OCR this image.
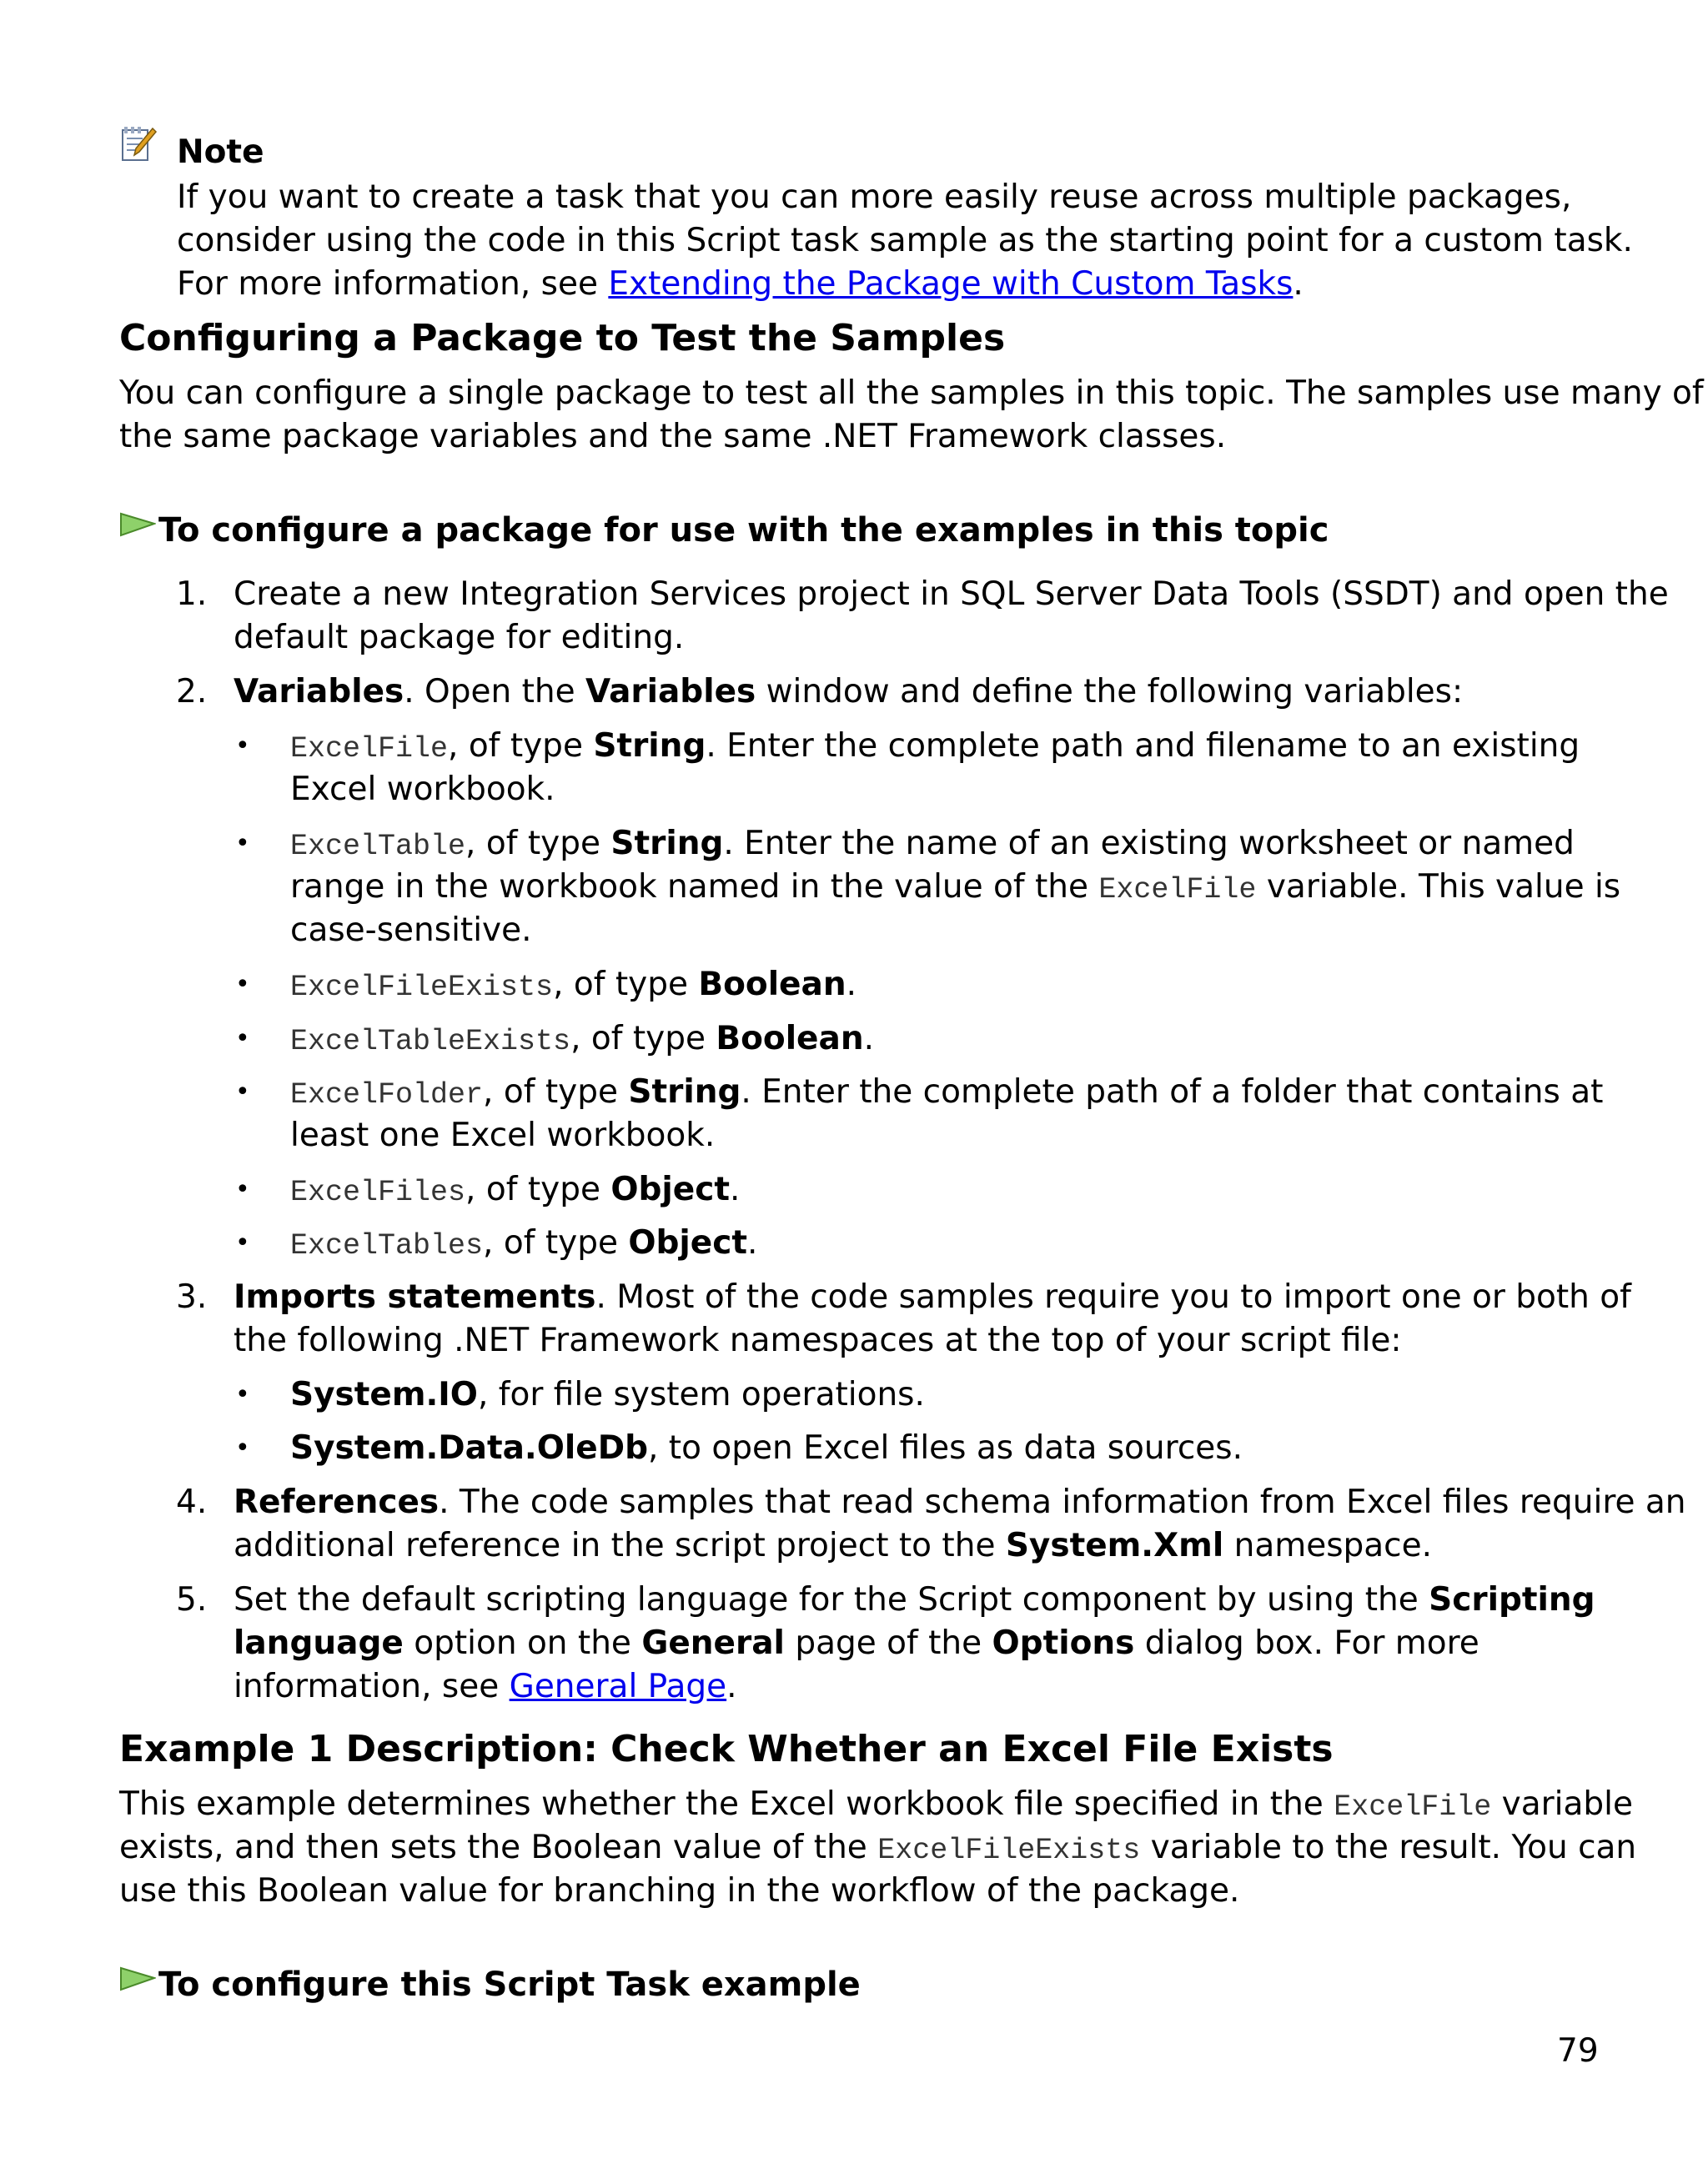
Note
If you want to create a task that you can more easily reuse across multiple packages,
consider using the code in this Script task sample as the starting point for a custom task.
For more information, see Extending the Package with Custom Tasks.
Configuring a Package to Test the Samples
You can configure a single package to test all the samples in this topic. The samples use many of
the same package variables and the same .NET Framework classes.
To configure a package for use with the examples in this topic
1. Create a new Integration Services project in SQL Server Data Tools (SSDT) and open the
default package for editing.
2. Variables. Open the Variables window and define the following variables:
• ExcelFile, of type String. Enter the complete path and filename to an existing
Excel workbook.
• ExcelTable, of type String. Enter the name of an existing worksheet or named
range in the workbook named in the value of the ExcelFile variable. This value is
case-sensitive.
• ExcelFileExists, of type Boolean.
• ExcelTableExists, of type Boolean.
• ExcelFolder, of type String. Enter the complete path of a folder that contains at
least one Excel workbook.
• ExcelFiles, of type Object.
• ExcelTables, of type Object.
3. Imports statements. Most of the code samples require you to import one or both of
the following .NET Framework namespaces at the top of your script file:
• System.IO, for file system operations.
• System.Data.OleDb, to open Excel files as data sources.
4. References. The code samples that read schema information from Excel files require an
additional reference in the script project to the System.Xml namespace.
5. Set the default scripting language for the Script component by using the Scripting
language option on the General page of the Options dialog box. For more
information, see General Page.
Example 1 Description: Check Whether an Excel File Exists
This example determines whether the Excel workbook file specified in the ExcelFile variable
exists, and then sets the Boolean value of the ExcelFileExists variable to the result. You can
use this Boolean value for branching in the workflow of the package.
To configure this Script Task example
79
